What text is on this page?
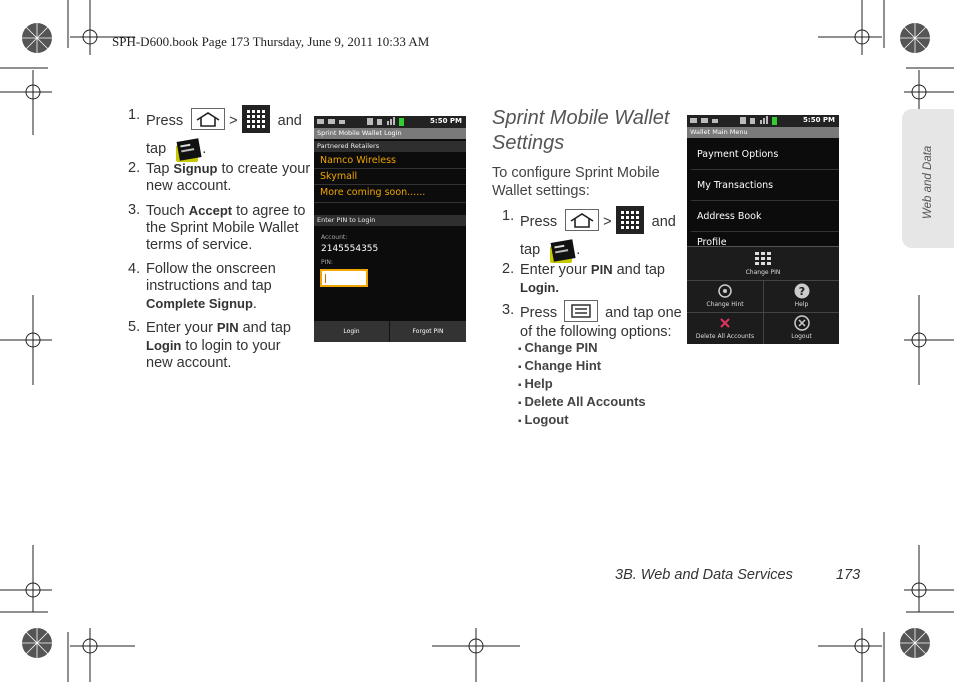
SPH-D600.book Page 173 Thursday, June 9, 2011 10:33 AM
Web and Data
1. Press	>	and
tap .
2. Tap Signup to create your new account.
3. Touch Accept to agree to the Sprint Mobile Wallet terms of service.
4. Follow the onscreen instructions and tap Complete Signup.
5. Enter your PIN and tap Login to login to your new account.
5:50 PM
Sprint Mobile Wallet Login
Partnered Retailers
Namco Wireless
Skymall
More coming soon......
Enter PIN to Login
Account:
2145554355
PIN:
Login	Forgot PIN
Sprint Mobile Wallet
Settings
To configure Sprint Mobile Wallet settings:
1. Press	>	and
tap .
2. Enter your PIN and tap Login.
3. Press	and tap one of the following options:
▪ Change PIN
▪ Change Hint
▪ Help
▪ Delete All Accounts
▪ Logout
5:50 PM
Wallet Main Menu
Payment Options
My Transactions
Address Book
Profile
Change PIN
Change Hint
?
Help
Delete All Accounts	Logout
3B. Web and Data Services	173
